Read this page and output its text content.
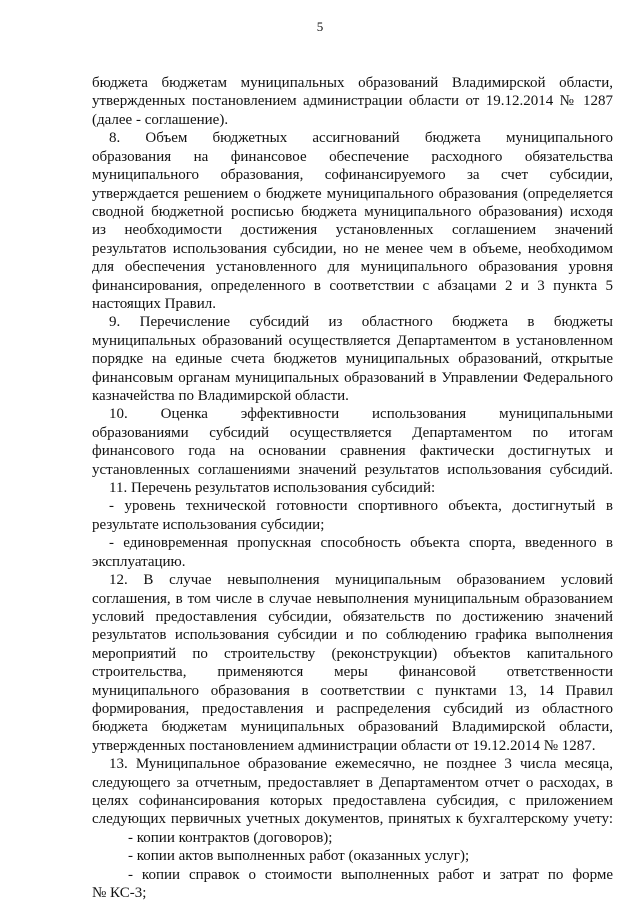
5
бюджета бюджетам муниципальных образований Владимирской области,
утвержденных постановлением администрации области от 19.12.2014 № 1287
(далее - соглашение).
8. Объем бюджетных ассигнований бюджета муниципального
образования на финансовое обеспечение расходного обязательства
муниципального образования, софинансируемого за счет субсидии,
утверждается решением о бюджете муниципального образования (определяется
сводной бюджетной росписью бюджета муниципального образования) исходя
из необходимости достижения установленных соглашением значений
результатов использования субсидии, но не менее чем в объеме, необходимом
для обеспечения установленного для муниципального образования уровня
финансирования, определенного в соответствии с абзацами 2 и 3 пункта 5
настоящих Правил.
9. Перечисление субсидий из областного бюджета в бюджеты
муниципальных образований осуществляется Департаментом в установленном
порядке на единые счета бюджетов муниципальных образований, открытые
финансовым органам муниципальных образований в Управлении Федерального
казначейства по Владимирской области.
10. Оценка эффективности использования муниципальными
образованиями субсидий осуществляется Департаментом по итогам
финансового года на основании сравнения фактически достигнутых и
установленных соглашениями значений результатов использования субсидий.
11. Перечень результатов использования субсидий:
- уровень технической готовности спортивного объекта, достигнутый в
результате использования субсидии;
- единовременная пропускная способность объекта спорта, введенного в
эксплуатацию.
12. В случае невыполнения муниципальным образованием условий
соглашения, в том числе в случае невыполнения муниципальным образованием
условий предоставления субсидии, обязательств по достижению значений
результатов использования субсидии и по соблюдению графика выполнения
мероприятий по строительству (реконструкции) объектов капитального
строительства, применяются меры финансовой ответственности
муниципального образования в соответствии с пунктами 13, 14 Правил
формирования, предоставления и распределения субсидий из областного
бюджета бюджетам муниципальных образований Владимирской области,
утвержденных постановлением администрации области от 19.12.2014 № 1287.
13. Муниципальное образование ежемесячно, не позднее 3 числа месяца,
следующего за отчетным, предоставляет в Департаментом отчет о расходах, в
целях софинансирования которых предоставлена субсидия, с приложением
следующих первичных учетных документов, принятых к бухгалтерскому учету:
- копии контрактов (договоров);
- копии актов выполненных работ (оказанных услуг);
- копии справок о стоимости выполненных работ и затрат по форме
№ КС-3;
